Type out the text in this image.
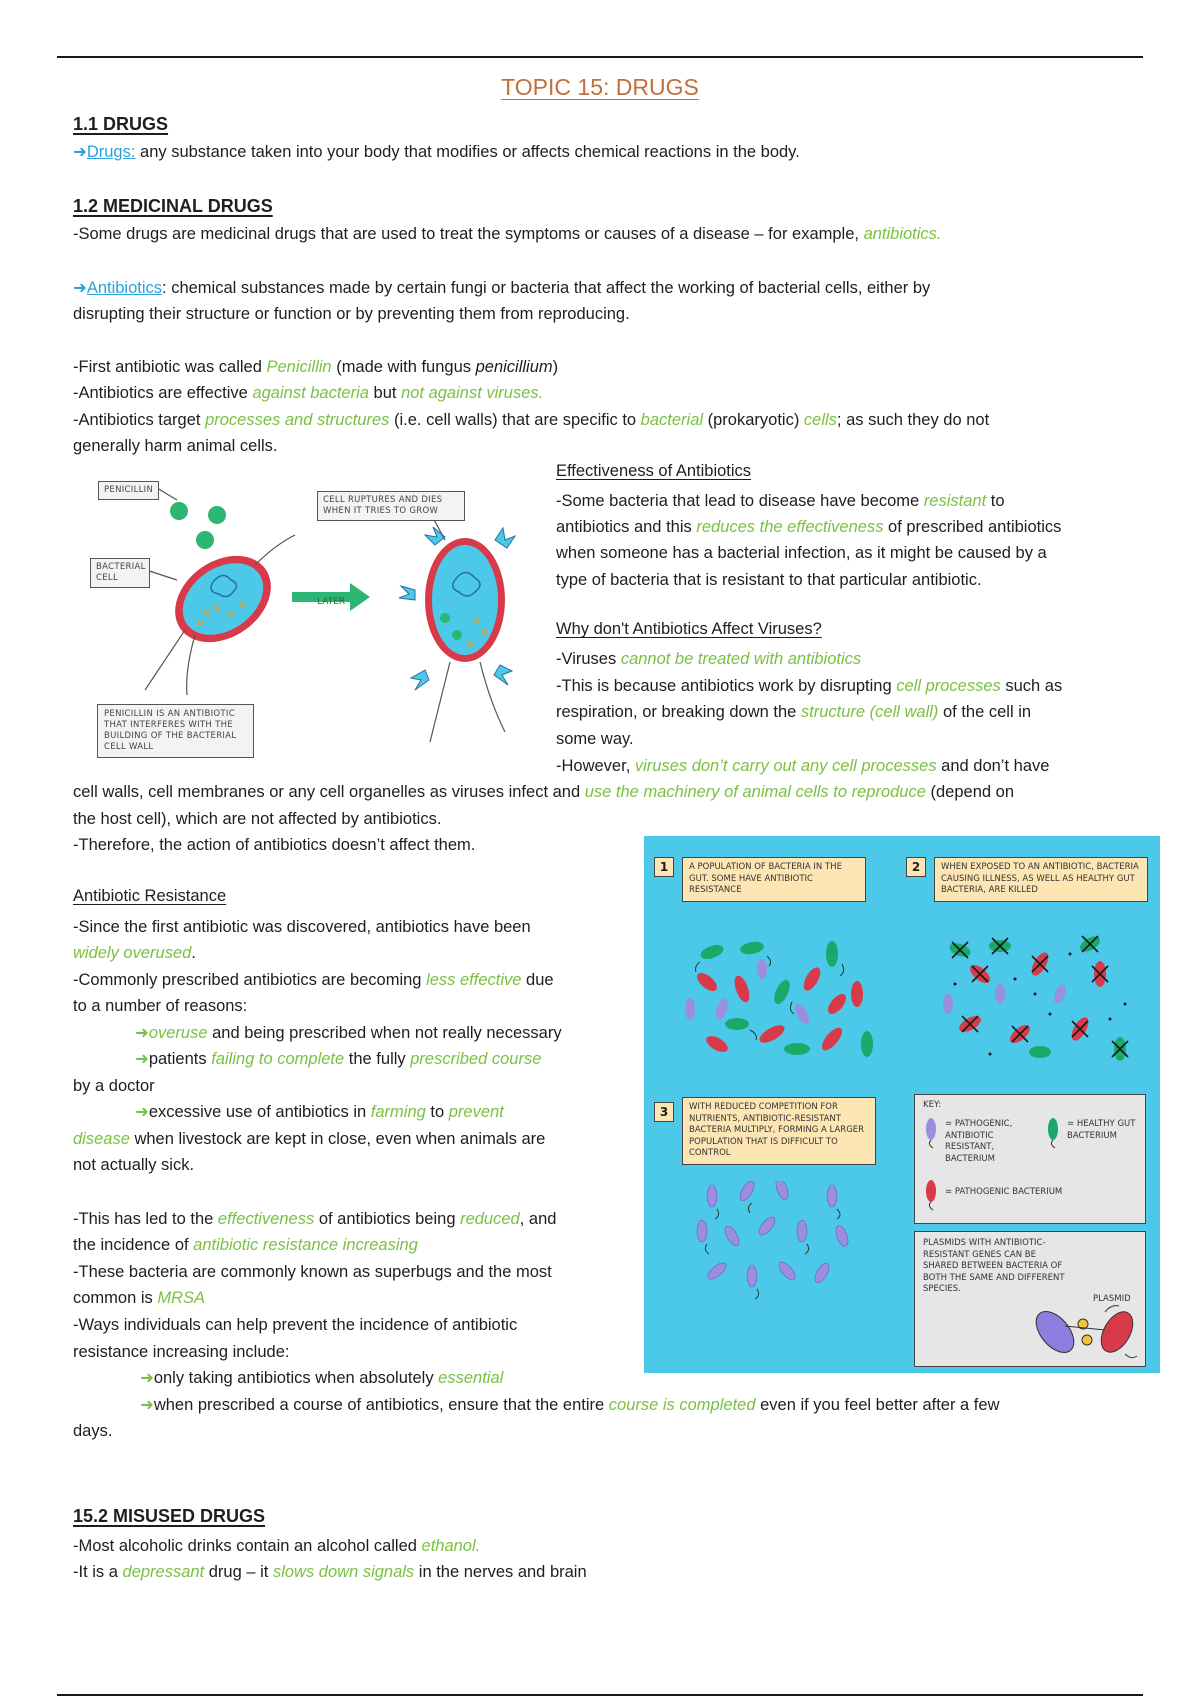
TOPIC 15: DRUGS
1.1 DRUGS
➜Drugs: any substance taken into your body that modifies or affects chemical reactions in the body.
1.2 MEDICINAL DRUGS
-Some drugs are medicinal drugs that are used to treat the symptoms or causes of a disease – for example, antibiotics.
➜Antibiotics: chemical substances made by certain fungi or bacteria that affect the working of bacterial cells, either by
disrupting their structure or function or by preventing them from reproducing.
-First antibiotic was called Penicillin (made with fungus penicillium)
-Antibiotics are effective against bacteria but not against viruses.
-Antibiotics target processes and structures (i.e. cell walls) that are specific to bacterial (prokaryotic) cells; as such they do not
generally harm animal cells.
PENICILLIN
BACTERIAL CELL
CELL RUPTURES AND DIES WHEN IT TRIES TO GROW
LATER
PENICILLIN IS AN ANTIBIOTIC THAT INTERFERES WITH THE BUILDING OF THE BACTERIAL CELL WALL
Effectiveness of Antibiotics
-Some bacteria that lead to disease have become resistant to
antibiotics and this reduces the effectiveness of prescribed antibiotics
when someone has a bacterial infection, as it might be caused by a
type of bacteria that is resistant to that particular antibiotic.
Why don't Antibiotics Affect Viruses?
-Viruses cannot be treated with antibiotics
-This is because antibiotics work by disrupting cell processes such as
respiration, or breaking down the structure (cell wall) of the cell in
some way.
-However, viruses don’t carry out any cell processes and don’t have
cell walls, cell membranes or any cell organelles as viruses infect and use the machinery of animal cells to reproduce (depend on
the host cell), which are not affected by antibiotics.
-Therefore, the action of antibiotics doesn’t affect them.
Antibiotic Resistance
-Since the first antibiotic was discovered, antibiotics have been
widely overused.
-Commonly prescribed antibiotics are becoming less effective due
to a number of reasons:
➜overuse and being prescribed when not really necessary
➜patients failing to complete the fully prescribed course
by a doctor
➜excessive use of antibiotics in farming to prevent
disease when livestock are kept in close, even when animals are
not actually sick.
-This has led to the effectiveness of antibiotics being reduced, and
the incidence of antibiotic resistance increasing
-These bacteria are commonly known as superbugs and the most
common is MRSA
-Ways individuals can help prevent the incidence of antibiotic
resistance increasing include:
➜only taking antibiotics when absolutely essential
➜when prescribed a course of antibiotics, ensure that the entire course is completed even if you feel better after a few
days.
1	A POPULATION OF BACTERIA IN THE GUT. SOME HAVE ANTIBIOTIC RESISTANCE
2	WHEN EXPOSED TO AN ANTIBIOTIC, BACTERIA CAUSING ILLNESS, AS WELL AS HEALTHY GUT BACTERIA, ARE KILLED
3	WITH REDUCED COMPETITION FOR NUTRIENTS, ANTIBIOTIC-RESISTANT BACTERIA MULTIPLY, FORMING A LARGER POPULATION THAT IS DIFFICULT TO CONTROL
KEY:
= PATHOGENIC, ANTIBIOTIC RESISTANT, BACTERIUM
= HEALTHY GUT BACTERIUM
= PATHOGENIC BACTERIUM
PLASMIDS WITH ANTIBIOTIC-RESISTANT GENES CAN BE SHARED BETWEEN BACTERIA OF BOTH THE SAME AND DIFFERENT SPECIES.
PLASMID
15.2 MISUSED DRUGS
-Most alcoholic drinks contain an alcohol called ethanol.
-It is a depressant drug – it slows down signals in the nerves and brain
